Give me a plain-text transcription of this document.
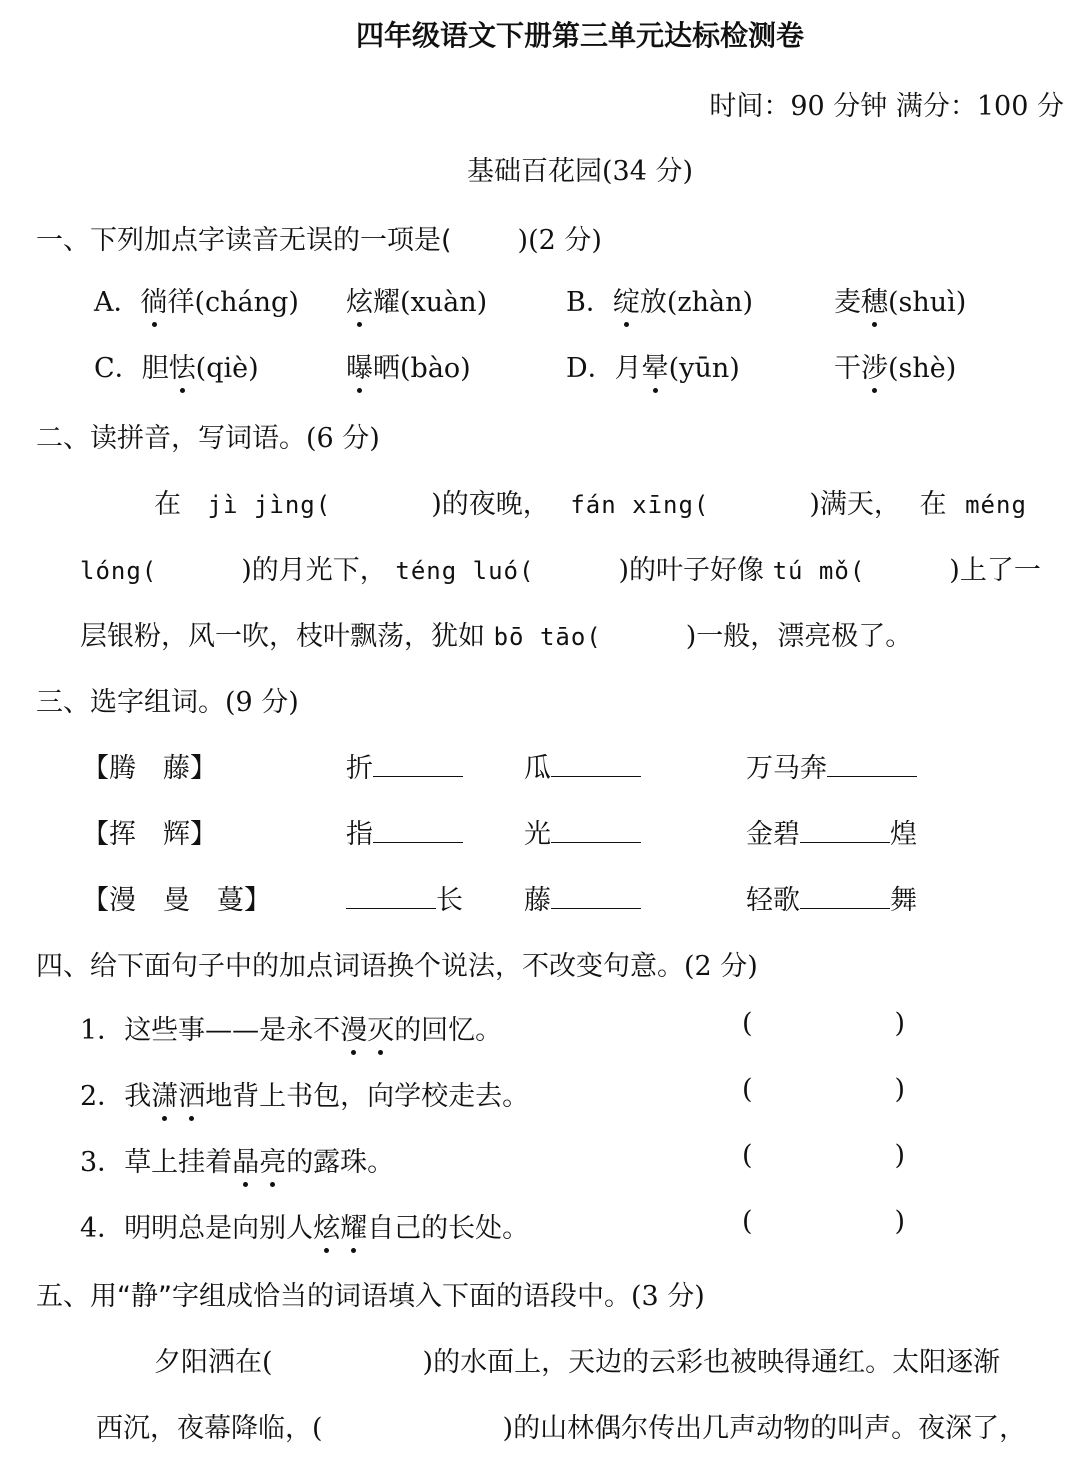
四年级语文下册第三单元达标检测卷
时间：90 分钟 满分：100 分
基础百花园(34 分)
一、下列加点字读音无误的一项是( )(2 分)
A．徜徉(cháng) 炫耀(xuàn)	B．绽放(zhàn)	麦穗(shuì)
C．胆怯(qiè)	曝晒(bào)	D．月晕(yūn)	干涉(shè)
二、读拼音，写词语。(6 分)
在 jì jìng(	)的夜晚， fán xīng(	)满天， 在 méng
lóng(	)的月光下， téng luó(	)的叶子好像 tú mǒ(	)上了一
层银粉，风一吹，枝叶飘荡，犹如 bō tāo(	)一般，漂亮极了。
三、选字组词。(9 分)
【腾　藤】	折	瓜	万马奔
【挥　辉】	指	光	金碧	煌
【漫　曼　蔓】	长 藤	轻歌	舞
四、给下面句子中的加点词语换个说法，不改变句意。(2 分)
1．这些事——是永不漫灭的回忆。
2．我潇洒地背上书包，向学校走去。
3．草上挂着晶亮的露珠。
4．明明总是向别人炫耀自己的长处。
(	)
(	)
(	)
(	)
五、用“静”字组成恰当的词语填入下面的语段中。(3 分)
夕阳洒在(	)的水面上，天边的云彩也被映得通红。太阳逐渐
西沉，夜幕降临，(	)的山林偶尔传出几声动物的叫声。夜深了，
